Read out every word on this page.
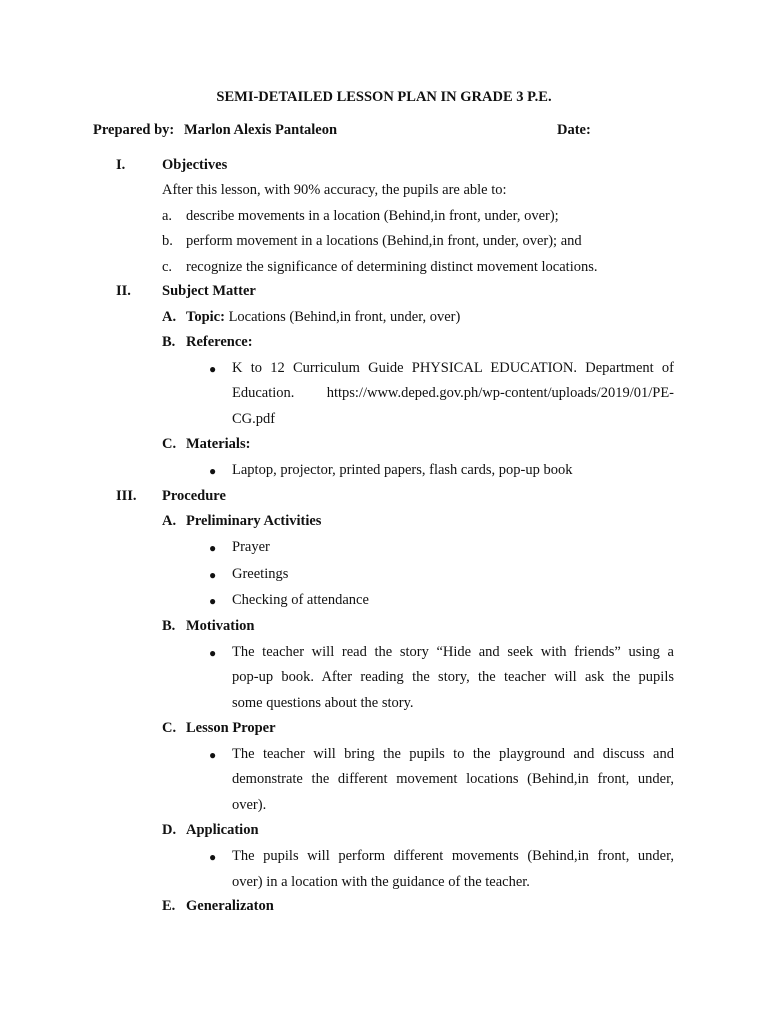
SEMI-DETAILED LESSON PLAN IN GRADE 3 P.E.
Prepared by: Marlon Alexis Pantaleon	Date:
I.	Objectives
After this lesson, with 90% accuracy, the pupils are able to:
a. describe movements in a location (Behind,in front, under, over);
b. perform movement in a locations (Behind,in front, under, over); and
c. recognize the significance of determining distinct movement locations.
II. Subject Matter
A. Topic: Locations (Behind,in front, under, over)
B. Reference:
● K to 12 Curriculum Guide PHYSICAL EDUCATION. Department of
Education. https://www.deped.gov.ph/wp-content/uploads/2019/01/PE-
CG.pdf
C. Materials:
● Laptop, projector, printed papers, flash cards, pop-up book
III. Procedure
A. Preliminary Activities
● Prayer
● Greetings
● Checking of attendance
B. Motivation
● The teacher will read the story “Hide and seek with friends” using a
pop-up book. After reading the story, the teacher will ask the pupils
some questions about the story.
C. Lesson Proper
● The teacher will bring the pupils to the playground and discuss and
demonstrate the different movement locations (Behind,in front, under,
over).
D. Application
● The pupils will perform different movements (Behind,in front, under,
over) in a location with the guidance of the teacher.
E. Generalizaton
